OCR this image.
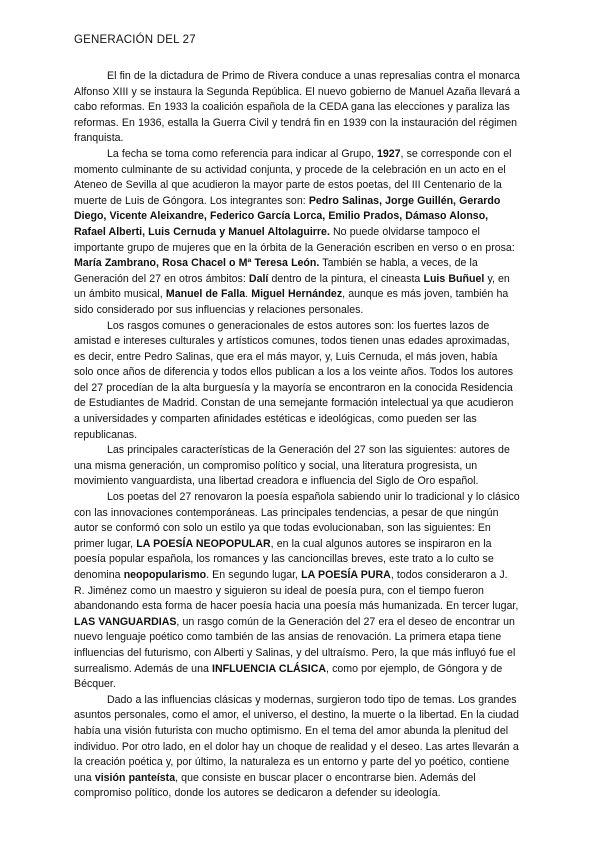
GENERACIÓN DEL 27

El fin de la dictadura de Primo de Rivera conduce a unas represalias contra el monarca Alfonso XIII y se instaura la Segunda República. El nuevo gobierno de Manuel Azaña llevará a cabo reformas. En 1933 la coalición española de la CEDA gana las elecciones y paraliza las reformas. En 1936, estalla la Guerra Civil y tendrá fin en 1939 con la instauración del régimen franquista.

La fecha se toma como referencia para indicar al Grupo, 1927, se corresponde con el momento culminante de su actividad conjunta, y procede de la celebración en un acto en el Ateneo de Sevilla al que acudieron la mayor parte de estos poetas, del III Centenario de la muerte de Luis de Góngora. Los integrantes son: Pedro Salinas, Jorge Guillén, Gerardo Diego, Vicente Aleixandre, Federico García Lorca, Emilio Prados, Dámaso Alonso, Rafael Alberti, Luis Cernuda y Manuel Altolaguirre. No puede olvidarse tampoco el importante grupo de mujeres que en la órbita de la Generación escriben en verso o en prosa: María Zambrano, Rosa Chacel o Mª Teresa León. También se habla, a veces, de la Generación del 27 en otros ámbitos: Dalí dentro de la pintura, el cineasta Luis Buñuel y, en un ámbito musical, Manuel de Falla. Miguel Hernández, aunque es más joven, también ha sido considerado por sus influencias y relaciones personales.

Los rasgos comunes o generacionales de estos autores son: los fuertes lazos de amistad e intereses culturales y artísticos comunes, todos tienen unas edades aproximadas, es decir, entre Pedro Salinas, que era el más mayor, y, Luis Cernuda, el más joven, había solo once años de diferencia y todos ellos publican a los a los veinte años. Todos los autores del 27 procedían de la alta burguesía y la mayoría se encontraron en la conocida Residencia de Estudiantes de Madrid. Constan de una semejante formación intelectual ya que acudieron a universidades y comparten afinidades estéticas e ideológicas, como pueden ser las republicanas.

Las principales características de la Generación del 27 son las siguientes: autores de una misma generación, un compromiso político y social, una literatura progresista, un movimiento vanguardista, una libertad creadora e influencia del Siglo de Oro español.

Los poetas del 27 renovaron la poesía española sabiendo unir lo tradicional y lo clásico con las innovaciones contemporáneas. Las principales tendencias, a pesar de que ningún autor se conformó con solo un estilo ya que todas evolucionaban, son las siguientes: En primer lugar, LA POESÍA NEOPOPULAR, en la cual algunos autores se inspiraron en la poesía popular española, los romances y las cancioncillas breves, este trato a lo culto se denomina neopopularismo. En segundo lugar, LA POESÍA PURA, todos consideraron a J. R. Jiménez como un maestro y siguieron su ideal de poesía pura, con el tiempo fueron abandonando esta forma de hacer poesía hacia una poesía más humanizada. En tercer lugar, LAS VANGUARDIAS, un rasgo común de la Generación del 27 era el deseo de encontrar un nuevo lenguaje poético como también de las ansias de renovación. La primera etapa tiene influencias del futurismo, con Alberti y Salinas, y del ultraísmo. Pero, la que más influyó fue el surrealismo. Además de una INFLUENCIA CLÁSICA, como por ejemplo, de Góngora y de Bécquer.

Dado a las influencias clásicas y modernas, surgieron todo tipo de temas. Los grandes asuntos personales, como el amor, el universo, el destino, la muerte o la libertad. En la ciudad había una visión futurista con mucho optimismo. En el tema del amor abunda la plenitud del individuo. Por otro lado, en el dolor hay un choque de realidad y el deseo. Las artes llevarán a la creación poética y, por último, la naturaleza es un entorno y parte del yo poético, contiene una visión panteísta, que consiste en buscar placer o encontrarse bien. Además del compromiso político, donde los autores se dedicaron a defender su ideología.
